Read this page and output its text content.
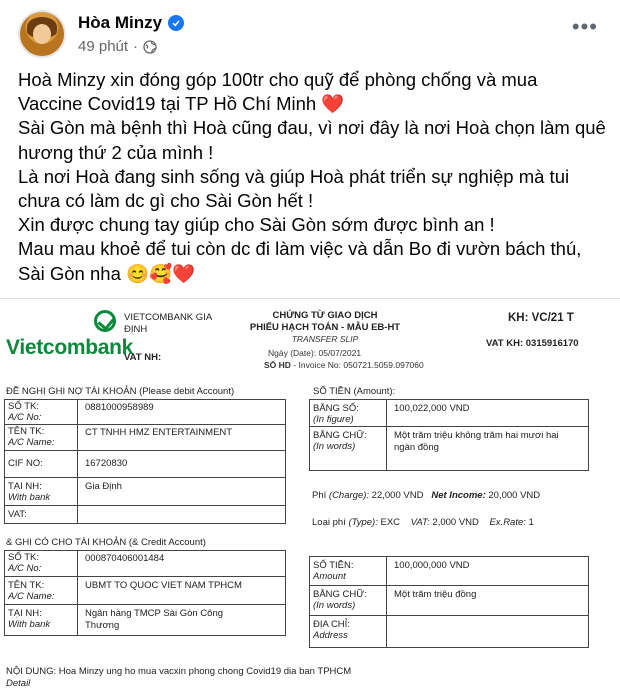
Hòa Minzy
49 phút ·
•••
Hoà Minzy xin đóng góp 100tr cho quỹ để phòng chống và mua
Vaccine Covid19 tại TP Hồ Chí Minh ❤️
Sài Gòn mà bệnh thì Hoà cũng đau, vì nơi đây là nơi Hoà chọn làm quê
hương thứ 2 của mình !
Là nơi Hoà đang sinh sống và giúp Hoà phát triển sự nghiệp mà tui
chưa có làm dc gì cho Sài Gòn hết !
Xin được chung tay giúp cho Sài Gòn sớm được bình an !
Mau mau khoẻ để tui còn dc đi làm việc và dẫn Bo đi vườn bách thú,
Sài Gòn nha 😊🥰❤️
Vietcombank
VIETCOMBANK GIA ĐỊNH
VAT NH:
CHỨNG TỪ GIAO DỊCH
PHIẾU HẠCH TOÁN - MẪU EB-HT
TRANSFER SLIP
Ngày (Date): 05/07/2021
SỐ HD - Invoice No: 050721.5059.097060
KH: VC/21 T
VAT KH: 0315916170
ĐỀ NGHỊ GHI NỢ TÀI KHOẢN (Please debit Account)
SỐ TK:
A/C No:
0881000958989
TÊN TK:
A/C Name:
CT TNHH HMZ ENTERTAINMENT
CIF NO:	16720830
TẠI NH:
With bank
Gia Định
VAT:
SỐ TIỀN (Amount):
BẰNG SỐ:
(In figure)
100,022,000 VND
BẰNG CHỮ:
(In words)
Một trăm triệu không trăm hai mươi hai
ngàn đồng
Phí (Charge): 22,000 VND Net Income: 20,000 VND
Loại phí (Type): EXC VAT: 2,000 VND Ex.Rate: 1
& GHI CÓ CHO TÀI KHOẢN (& Credit Account)
SỐ TK:
A/C No:
000870406001484
TÊN TK:
A/C Name:
UBMT TO QUOC VIET NAM TPHCM
TẠI NH:
With bank
Ngân hàng TMCP Sài Gòn Công
Thương
SỐ TIỀN:
Amount
100,000,000 VND
BẰNG CHỮ:
(In words)
Một trăm triệu đồng
ĐỊA CHỈ:
Address
NỘI DUNG: Hoa Minzy ung ho mua vacxin phong chong Covid19 dia ban TPHCM
Detail
